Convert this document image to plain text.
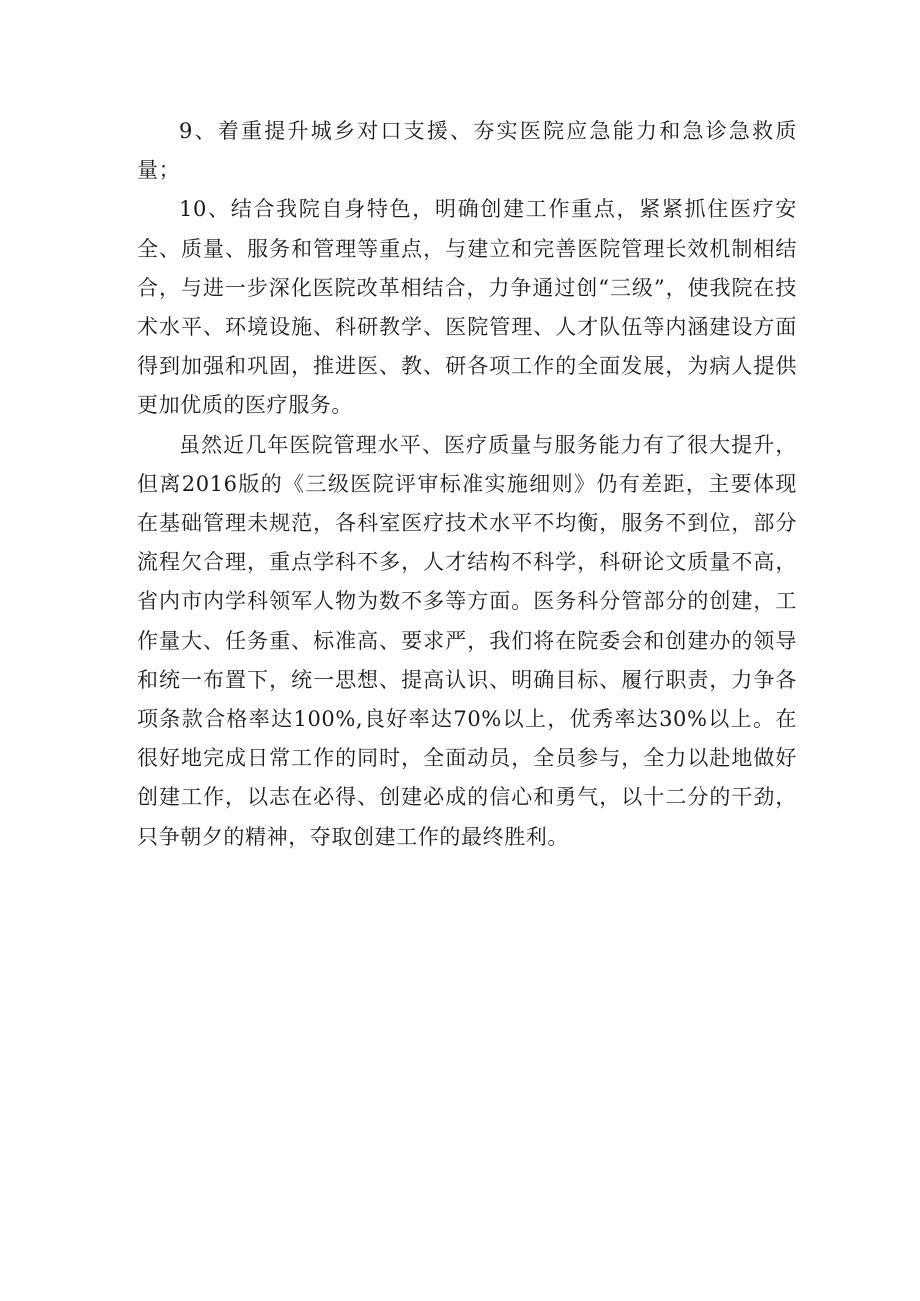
9、着重提升城乡对口支援、夯实医院应急能力和急诊急救质量；

10、结合我院自身特色，明确创建工作重点，紧紧抓住医疗安全、质量、服务和管理等重点，与建立和完善医院管理长效机制相结合，与进一步深化医院改革相结合，力争通过创“三级”，使我院在技术水平、环境设施、科研教学、医院管理、人才队伍等内涵建设方面得到加强和巩固，推进医、教、研各项工作的全面发展，为病人提供更加优质的医疗服务。

虽然近几年医院管理水平、医疗质量与服务能力有了很大提升，但离2016版的《三级医院评审标准实施细则》仍有差距，主要体现在基础管理未规范，各科室医疗技术水平不均衡，服务不到位，部分流程欠合理，重点学科不多，人才结构不科学，科研论文质量不高，省内市内学科领军人物为数不多等方面。医务科分管部分的创建，工作量大、任务重、标准高、要求严，我们将在院委会和创建办的领导和统一布置下，统一思想、提高认识、明确目标、履行职责，力争各项条款合格率达100%,良好率达70%以上，优秀率达30%以上。在很好地完成日常工作的同时，全面动员，全员参与，全力以赴地做好创建工作，以志在必得、创建必成的信心和勇气，以十二分的干劲，只争朝夕的精神，夺取创建工作的最终胜利。
